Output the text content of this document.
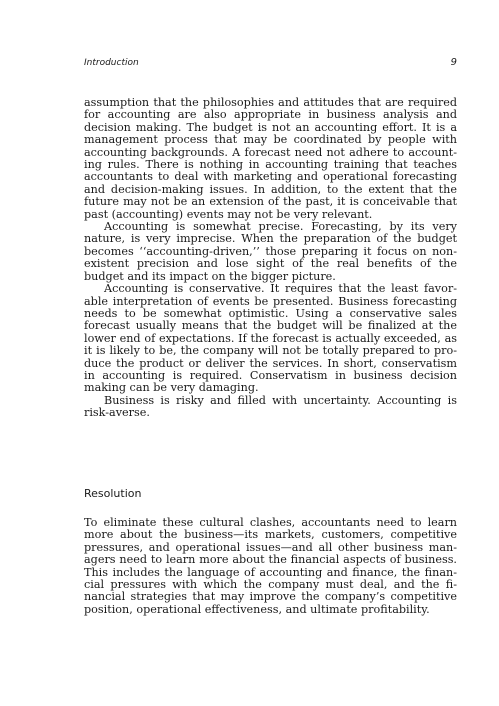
Introduction	9

assumption that the philosophies and attitudes that are required for accounting are also appropriate in business analysis and decision making. The budget is not an accounting effort. It is a management process that may be coordinated by people with accounting backgrounds. A forecast need not adhere to accounting rules. There is nothing in accounting training that teaches accountants to deal with marketing and operational forecasting and decision-making issues. In addition, to the extent that the future may not be an extension of the past, it is conceivable that past (accounting) events may not be very relevant.

Accounting is somewhat precise. Forecasting, by its very nature, is very imprecise. When the preparation of the budget becomes ‘‘accounting-driven,’’ those preparing it focus on nonexistent precision and lose sight of the real benefits of the budget and its impact on the bigger picture.

Accounting is conservative. It requires that the least favorable interpretation of events be presented. Business forecasting needs to be somewhat optimistic. Using a conservative sales forecast usually means that the budget will be finalized at the lower end of expectations. If the forecast is actually exceeded, as it is likely to be, the company will not be totally prepared to produce the product or deliver the services. In short, conservatism in accounting is required. Conservatism in business decision making can be very damaging.

Business is risky and filled with uncertainty. Accounting is risk-averse.

Resolution

To eliminate these cultural clashes, accountants need to learn more about the business—its markets, customers, competitive pressures, and operational issues—and all other business managers need to learn more about the financial aspects of business. This includes the language of accounting and finance, the financial pressures with which the company must deal, and the financial strategies that may improve the company’s competitive position, operational effectiveness, and ultimate profitability.
